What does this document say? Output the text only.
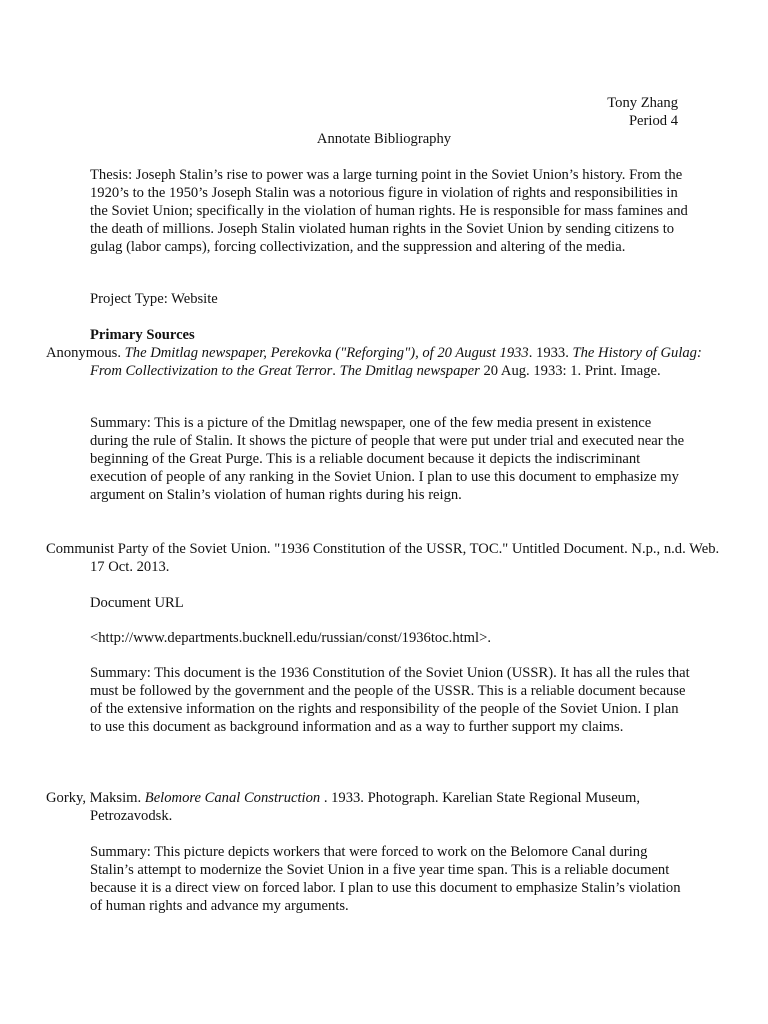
Tony Zhang
Period 4
Annotate Bibliography
Thesis: Joseph Stalin’s rise to power was a large turning point in the Soviet Union’s history. From the 1920’s to the 1950’s Joseph Stalin was a notorious figure in violation of rights and responsibilities in the Soviet Union; specifically in the violation of human rights. He is responsible for mass famines and the death of millions. Joseph Stalin violated human rights in the Soviet Union by sending citizens to gulag (labor camps), forcing collectivization, and the suppression and altering of the media.
Project Type: Website
Primary Sources
Anonymous. The Dmitlag newspaper, Perekovka ("Reforging"), of 20 August 1933. 1933. The History of Gulag: From Collectivization to the Great Terror. The Dmitlag newspaper 20 Aug. 1933: 1. Print. Image.
Summary: This is a picture of the Dmitlag newspaper, one of the few media present in existence during the rule of Stalin. It shows the picture of people that were put under trial and executed near the beginning of the Great Purge. This is a reliable document because it depicts the indiscriminant execution of people of any ranking in the Soviet Union. I plan to use this document to emphasize my argument on Stalin’s violation of human rights during his reign.
Communist Party of the Soviet Union. "1936 Constitution of the USSR, TOC." Untitled Document. N.p., n.d. Web. 17 Oct. 2013.
Document URL
<http://www.departments.bucknell.edu/russian/const/1936toc.html>.
Summary: This document is the 1936 Constitution of the Soviet Union (USSR). It has all the rules that must be followed by the government and the people of the USSR. This is a reliable document because of the extensive information on the rights and responsibility of the people of the Soviet Union. I plan to use this document as background information and as a way to further support my claims.
Gorky, Maksim. Belomore Canal Construction . 1933. Photograph. Karelian State Regional Museum, Petrozavodsk.
Summary: This picture depicts workers that were forced to work on the Belomore Canal during Stalin’s attempt to modernize the Soviet Union in a five year time span. This is a reliable document because it is a direct view on forced labor. I plan to use this document to emphasize Stalin’s violation of human rights and advance my arguments.
